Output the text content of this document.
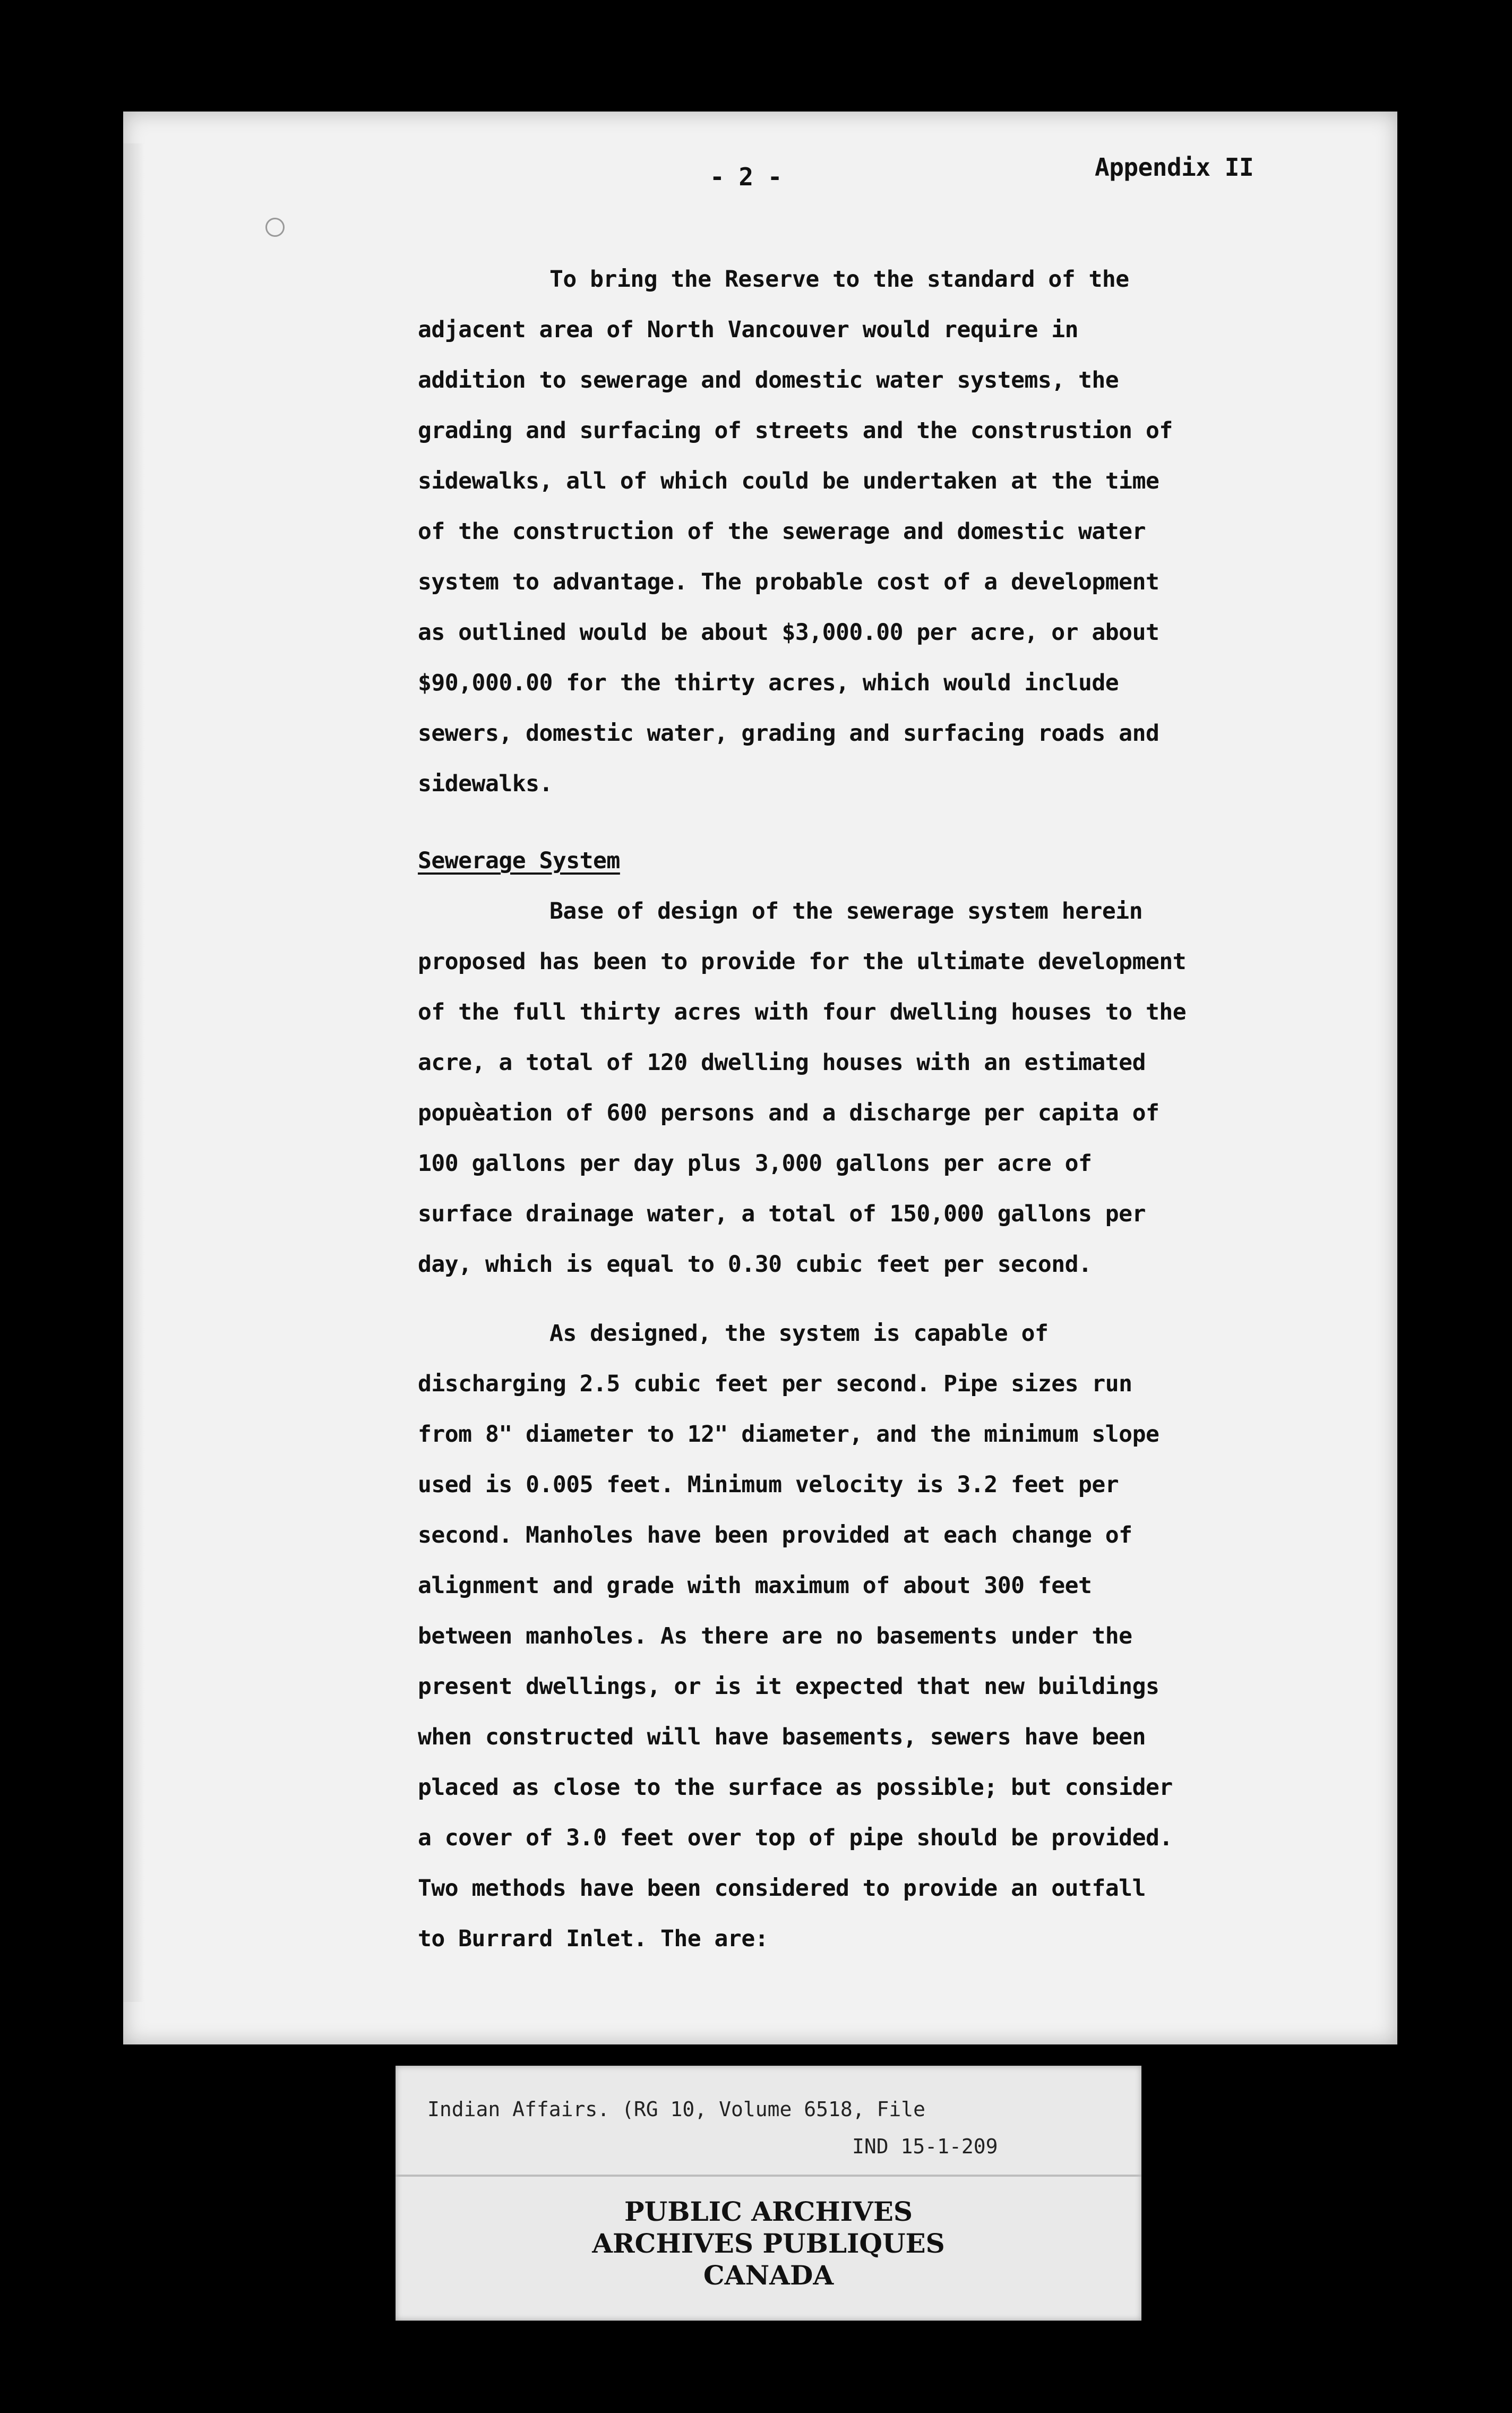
- 2 -	Appendix II
To bring the Reserve to the standard of the
adjacent area of North Vancouver would require in
addition to sewerage and domestic water systems, the
grading and surfacing of streets and the construstion of
sidewalks, all of which could be undertaken at the time
of the construction of the sewerage and domestic water
system to advantage. The probable cost of a development
as outlined would be about $3,000.00 per acre, or about
$90,000.00 for the thirty acres, which would include
sewers, domestic water, grading and surfacing roads and
sidewalks.
Sewerage System
Base of design of the sewerage system herein
proposed has been to provide for the ultimate development
of the full thirty acres with four dwelling houses to the
acre, a total of 120 dwelling houses with an estimated
popuèation of 600 persons and a discharge per capita of
100 gallons per day plus 3,000 gallons per acre of
surface drainage water, a total of 150,000 gallons per
day, which is equal to 0.30 cubic feet per second.
As designed, the system is capable of
discharging 2.5 cubic feet per second. Pipe sizes run
from 8" diameter to 12" diameter, and the minimum slope
used is 0.005 feet. Minimum velocity is 3.2 feet per
second. Manholes have been provided at each change of
alignment and grade with maximum of about 300 feet
between manholes. As there are no basements under the
present dwellings, or is it expected that new buildings
when constructed will have basements, sewers have been
placed as close to the surface as possible; but consider
a cover of 3.0 feet over top of pipe should be provided.
Two methods have been considered to provide an outfall
to Burrard Inlet. The are:
Indian Affairs. (RG 10, Volume 6518, File
IND 15-1-209
PUBLIC ARCHIVES
ARCHIVES PUBLIQUES
CANADA
